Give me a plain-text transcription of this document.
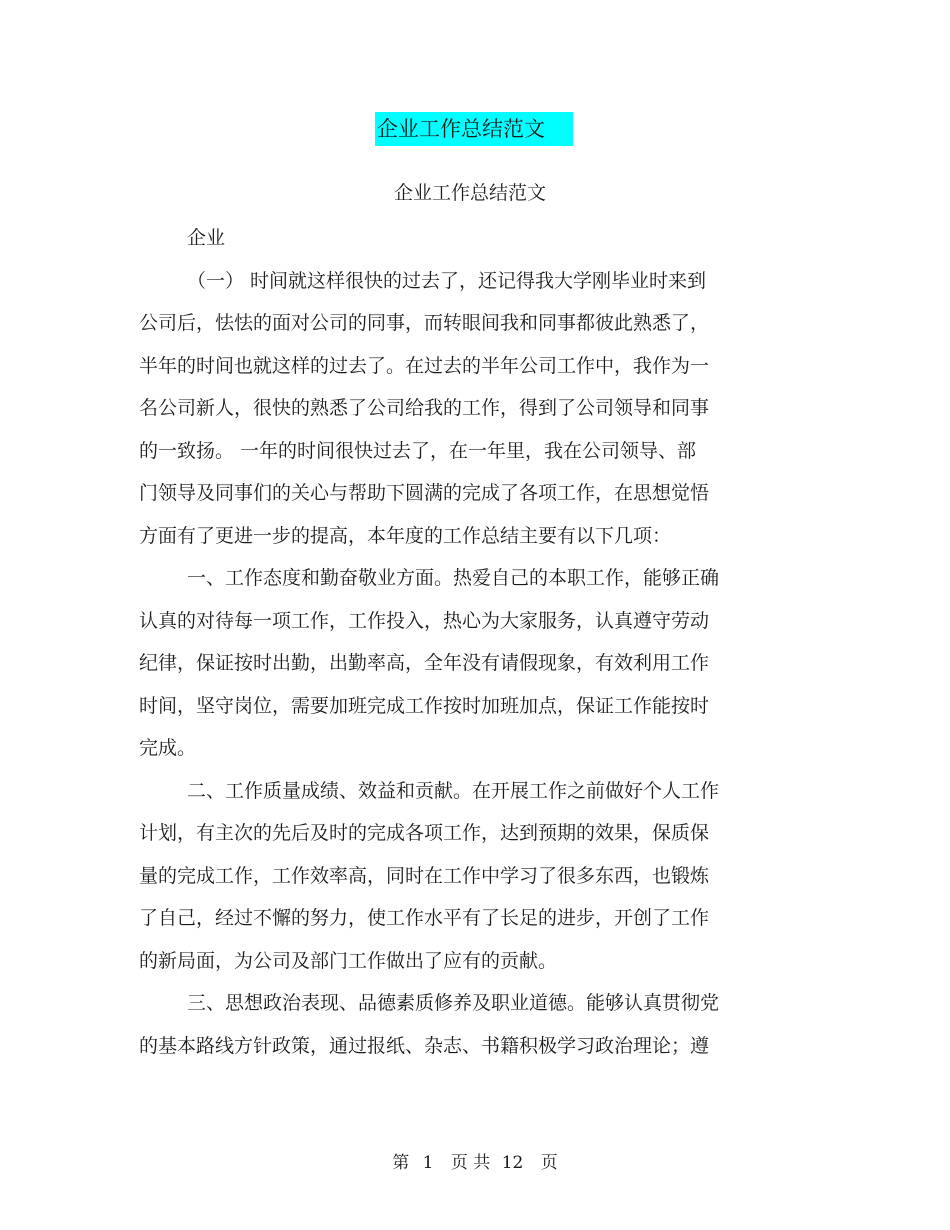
企业工作总结范文
企业工作总结范文
企业
（一） 时间就这样很快的过去了，还记得我大学刚毕业时来到
公司后，怯怯的面对公司的同事，而转眼间我和同事都彼此熟悉了，
半年的时间也就这样的过去了。在过去的半年公司工作中，我作为一
名公司新人，很快的熟悉了公司给我的工作，得到了公司领导和同事
的一致扬。 一年的时间很快过去了，在一年里，我在公司领导、部
门领导及同事们的关心与帮助下圆满的完成了各项工作，在思想觉悟
方面有了更进一步的提高，本年度的工作总结主要有以下几项：
一、工作态度和勤奋敬业方面。热爱自己的本职工作，能够正确
认真的对待每一项工作，工作投入，热心为大家服务，认真遵守劳动
纪律，保证按时出勤，出勤率高，全年没有请假现象，有效利用工作
时间，坚守岗位，需要加班完成工作按时加班加点，保证工作能按时
完成。
二、工作质量成绩、效益和贡献。在开展工作之前做好个人工作
计划，有主次的先后及时的完成各项工作，达到预期的效果，保质保
量的完成工作，工作效率高，同时在工作中学习了很多东西，也锻炼
了自己，经过不懈的努力，使工作水平有了长足的进步，开创了工作
的新局面，为公司及部门工作做出了应有的贡献。
三、思想政治表现、品德素质修养及职业道德。能够认真贯彻党
的基本路线方针政策，通过报纸、杂志、书籍积极学习政治理论；遵
第 1 页 共 12 页
